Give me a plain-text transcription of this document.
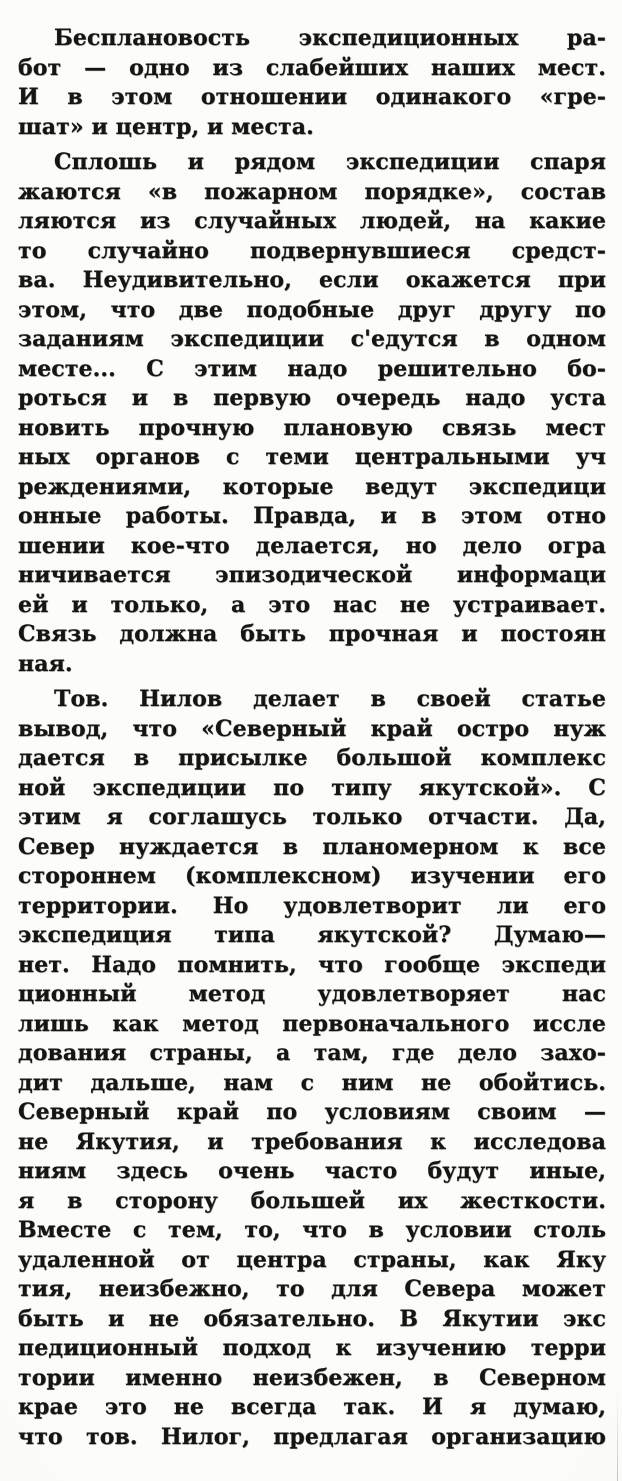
Бесплановость экспедиционных ра-
бот — одно из слабейших наших мест.
И в этом отношении одинакого «гре-
шат» и центр, и места.
Сплошь и рядом экспедиции спаря
жаются «в пожарном порядке», состав
ляются из случайных людей, на какие
то случайно подвернувшиеся средст-
ва. Неудивительно, если окажется при
этом, что две подобные друг другу по
заданиям экспедиции с'едутся в одном
месте... С этим надо решительно бо-
роться и в первую очередь надо уста
новить прочную плановую связь мест
ных органов с теми центральными уч
реждениями, которые ведут экспедици
онные работы. Правда, и в этом отно
шении кое-что делается, но дело огра
ничивается эпизодической информаци
ей и только, а это нас не устраивает.
Связь должна быть прочная и постоян
ная.
Тов. Нилов делает в своей статье
вывод, что «Северный край остро нуж
дается в присылке большой комплекс
ной экспедиции по типу якутской». С
этим я соглашусь только отчасти. Да,
Север нуждается в планомерном к все
стороннем (комплексном) изучении его
территории. Но удовлетворит ли его
экспедиция типа якутской? Думаю—
нет. Надо помнить, что гообще экспеди
ционный метод удовлетворяет нас
лишь как метод первоначального иссле
дования страны, а там, где дело захо-
дит дальше, нам с ним не обойтись.
Северный край по условиям своим —
не Якутия, и требования к исследова
ниям здесь очень часто будут иные,
я в сторону большей их жесткости.
Вместе с тем, то, что в условии столь
удаленной от центра страны, как Яку
тия, неизбежно, то для Севера может
быть и не обязательно. В Якутии экс
педиционный подход к изучению терри
тории именно неизбежен, в Северном
крае это не всегда так. И я думаю,
что тов. Нилог, предлагая организацию
